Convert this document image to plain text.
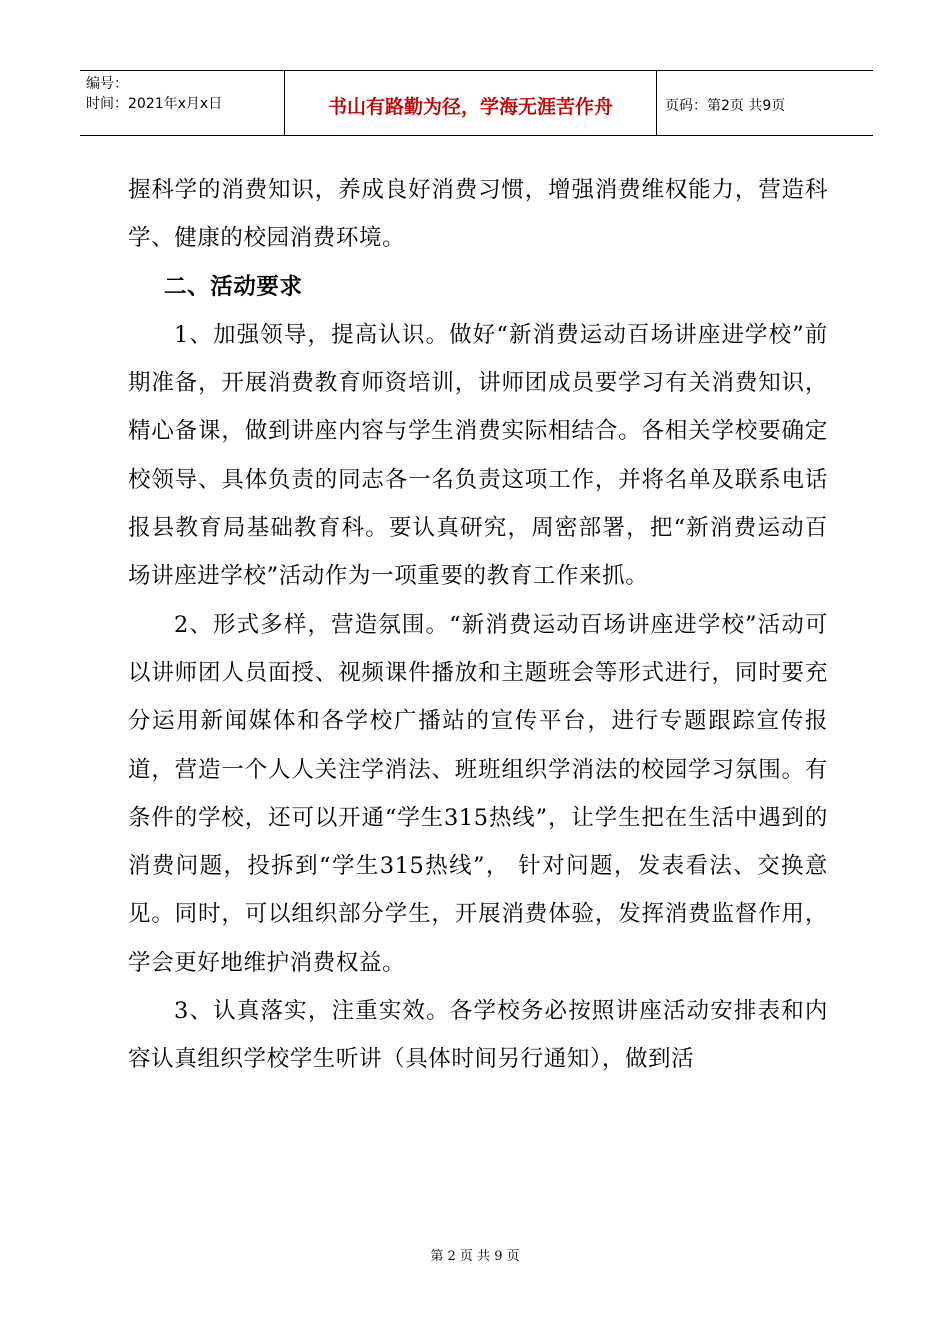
编号：
时间：2021年x月x日	书山有路勤为径，学海无涯苦作舟	页码：第2页 共9页

握科学的消费知识，养成良好消费习惯，增强消费维权能力，营造科学、健康的校园消费环境。

二、活动要求

1、加强领导，提高认识。做好“新消费运动百场讲座进学校”前期准备，开展消费教育师资培训，讲师团成员要学习有关消费知识，精心备课，做到讲座内容与学生消费实际相结合。各相关学校要确定校领导、具体负责的同志各一名负责这项工作，并将名单及联系电话报县教育局基础教育科。要认真研究，周密部署，把“新消费运动百场讲座进学校”活动作为一项重要的教育工作来抓。

2、形式多样，营造氛围。“新消费运动百场讲座进学校”活动可以讲师团人员面授、视频课件播放和主题班会等形式进行，同时要充分运用新闻媒体和各学校广播站的宣传平台，进行专题跟踪宣传报道，营造一个人人关注学消法、班班组织学消法的校园学习氛围。有条件的学校，还可以开通“学生315热线”，让学生把在生活中遇到的消费问题，投拆到“学生315热线”， 针对问题，发表看法、交换意见。同时，可以组织部分学生，开展消费体验，发挥消费监督作用，学会更好地维护消费权益。

3、认真落实，注重实效。各学校务必按照讲座活动安排表和内容认真组织学校学生听讲（具体时间另行通知），做到活

第 2 页 共 9 页
